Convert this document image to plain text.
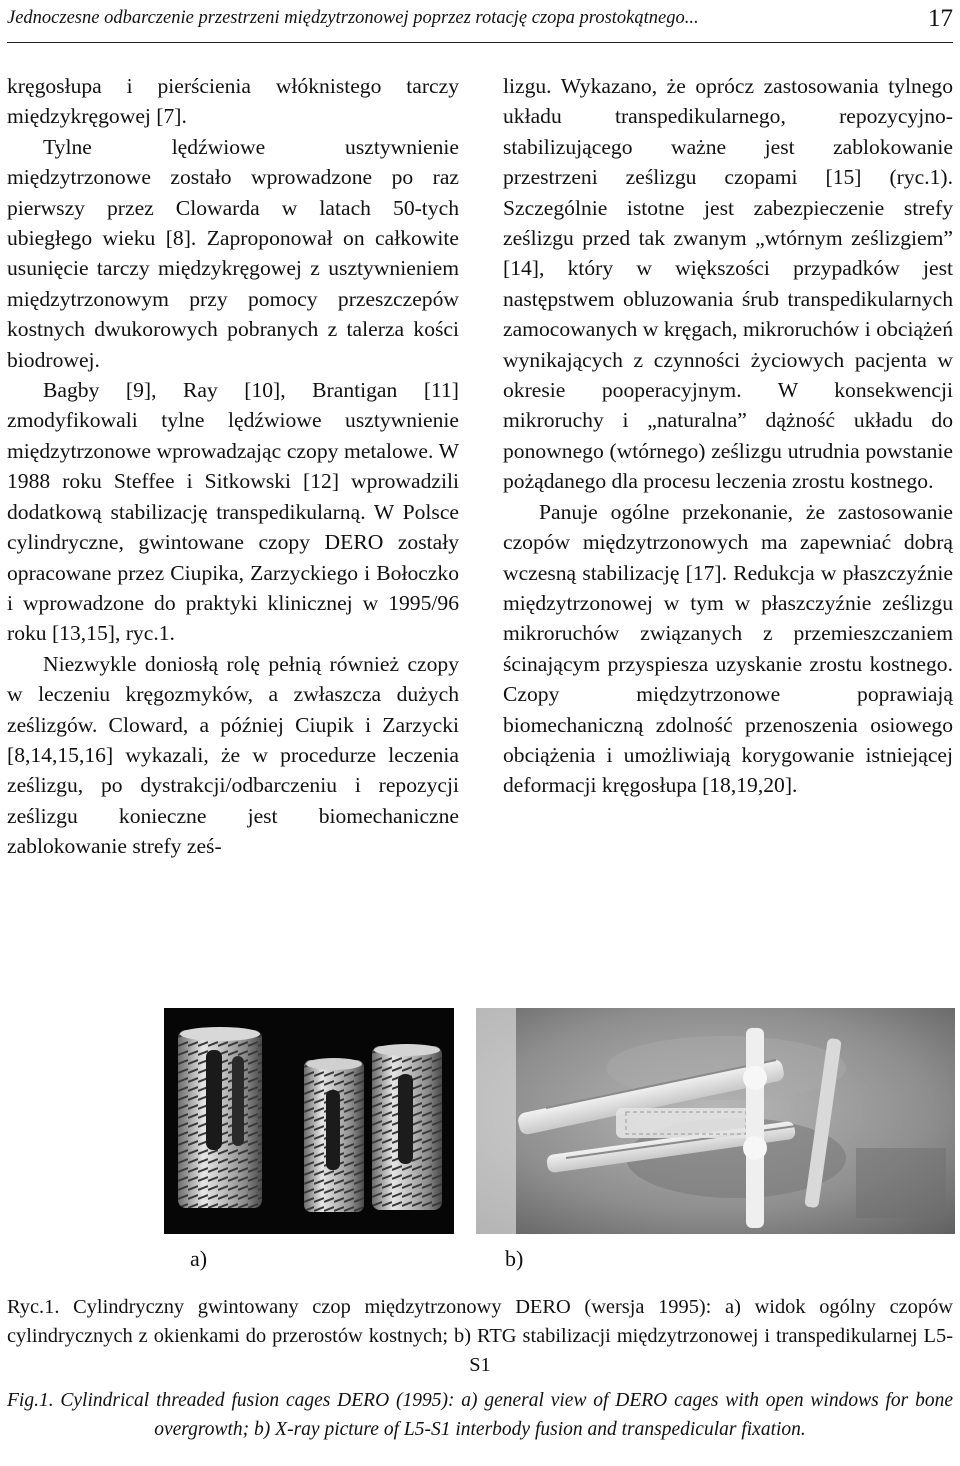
Jednoczesne odbarczenie przestrzeni międzytrzonowej poprzez rotację czopa prostokątnego...	17

kręgosłupa i pierścienia włóknistego tarczy międzykręgowej [7].

Tylne lędźwiowe usztywnienie międzytrzonowe zostało wprowadzone po raz pierwszy przez Clowarda w latach 50-tych ubiegłego wieku [8]. Zaproponował on całkowite usunięcie tarczy międzykręgowej z usztywnieniem międzytrzonowym przy pomocy przeszczepów kostnych dwukorowych pobranych z talerza kości biodrowej.

Bagby [9], Ray [10], Brantigan [11] zmodyfikowali tylne lędźwiowe usztywnienie międzytrzonowe wprowadzając czopy metalowe. W 1988 roku Steffee i Sitkowski [12] wprowadzili dodatkową stabilizację transpedikularną. W Polsce cylindryczne, gwintowane czopy DERO zostały opracowane przez Ciupika, Zarzyckiego i Bołoczko i wprowadzone do praktyki klinicznej w 1995/96 roku [13,15], ryc.1.

Niezwykle doniosłą rolę pełnią również czopy w leczeniu kręgozmyków, a zwłaszcza dużych ześlizgów. Cloward, a później Ciupik i Zarzycki [8,14,15,16] wykazali, że w procedurze leczenia ześlizgu, po dystrakcji/odbarczeniu i repozycji ześlizgu konieczne jest biomechaniczne zablokowanie strefy ześ-

lizgu. Wykazano, że oprócz zastosowania tylnego układu transpedikularnego, repozycyjno-stabilizującego ważne jest zablokowanie przestrzeni ześlizgu czopami [15] (ryc.1). Szczególnie istotne jest zabezpieczenie strefy ześlizgu przed tak zwanym „wtórnym ześlizgiem” [14], który w większości przypadków jest następstwem obluzowania śrub transpedikularnych zamocowanych w kręgach, mikroruchów i obciążeń wynikających z czynności życiowych pacjenta w okresie pooperacyjnym. W konsekwencji mikroruchy i „naturalna” dążność układu do ponownego (wtórnego) ześlizgu utrudnia powstanie pożądanego dla procesu leczenia zrostu kostnego.

Panuje ogólne przekonanie, że zastosowanie czopów międzytrzonowych ma zapewniać dobrą wczesną stabilizację [17]. Redukcja w płaszczyźnie międzytrzonowej w tym w płaszczyźnie ześlizgu mikroruchów związanych z przemieszczaniem ścinającym przyspiesza uzyskanie zrostu kostnego. Czopy międzytrzonowe poprawiają biomechaniczną zdolność przenoszenia osiowego obciążenia i umożliwiają korygowanie istniejącej deformacji kręgosłupa [18,19,20].

a)	b)
Ryc.1. Cylindryczny gwintowany czop międzytrzonowy DERO (wersja 1995): a) widok ogólny czopów cylindrycznych z okienkami do przerostów kostnych; b) RTG stabilizacji międzytrzonowej i transpedikularnej L5-S1
Fig.1. Cylindrical threaded fusion cages DERO (1995): a) general view of DERO cages with open windows for bone overgrowth; b) X-ray picture of L5-S1 interbody fusion and transpedicular fixation.
